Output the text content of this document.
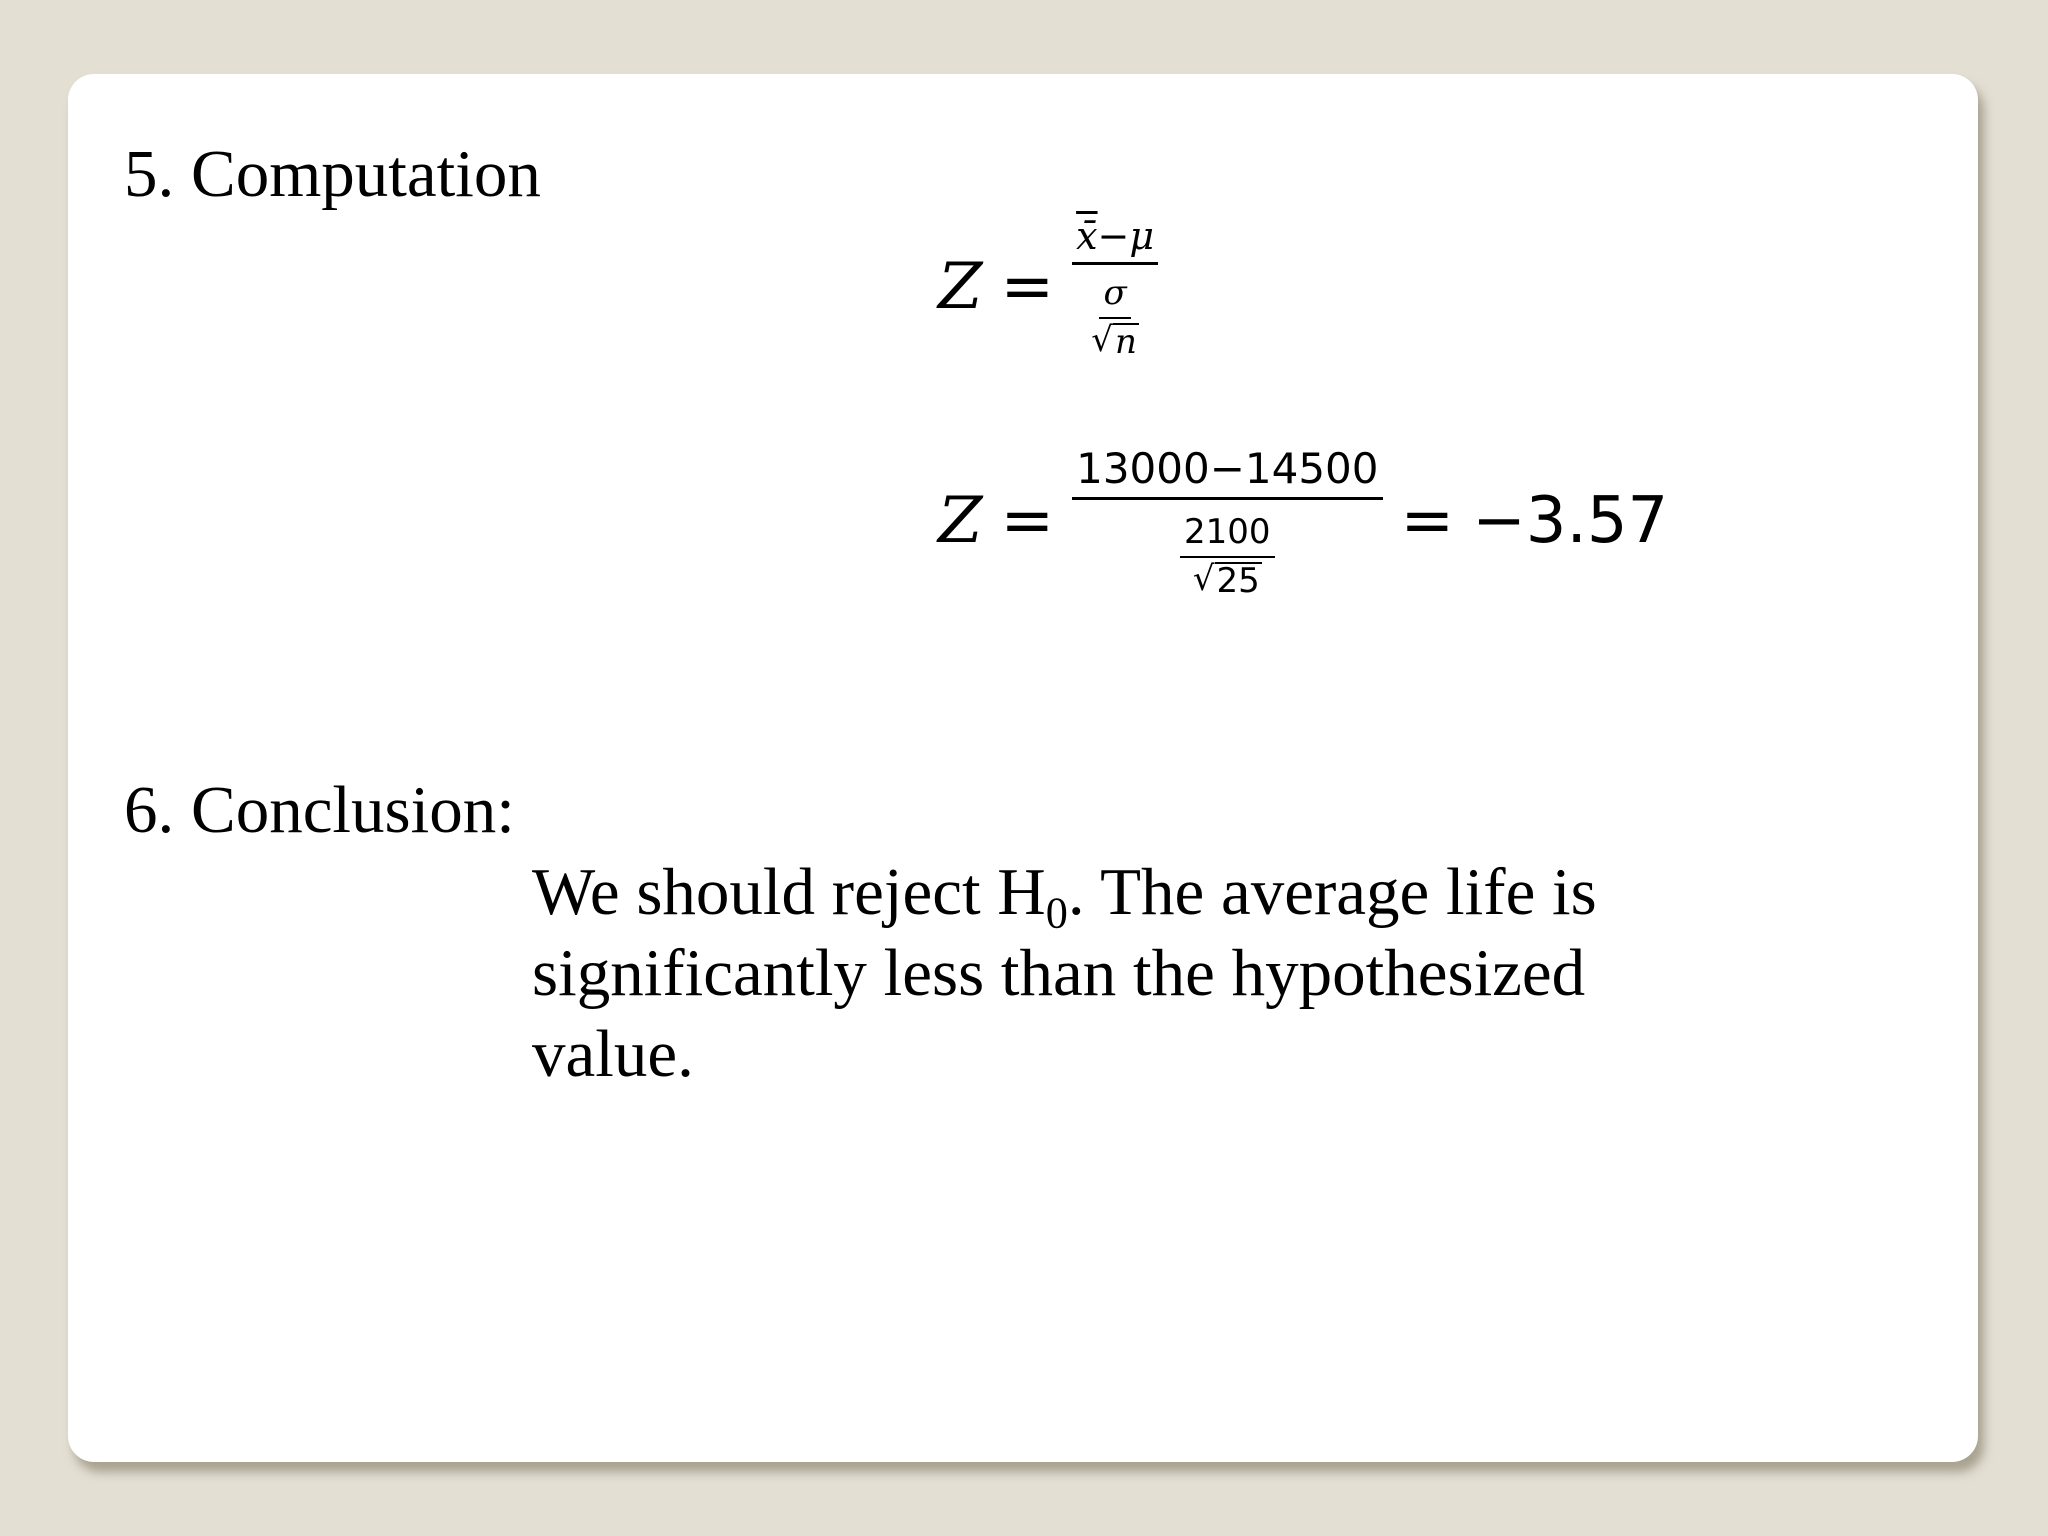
5. Computation
$Z = \frac{x̄-\mu}{\frac{\sigma}{√ n}}$
$Z = \frac{13000-14500}{\frac{2100}{√ 25}} = -3.57$
6. Conclusion:
We should reject $H_0$. The average life is significantly less than the hypothesized value.
